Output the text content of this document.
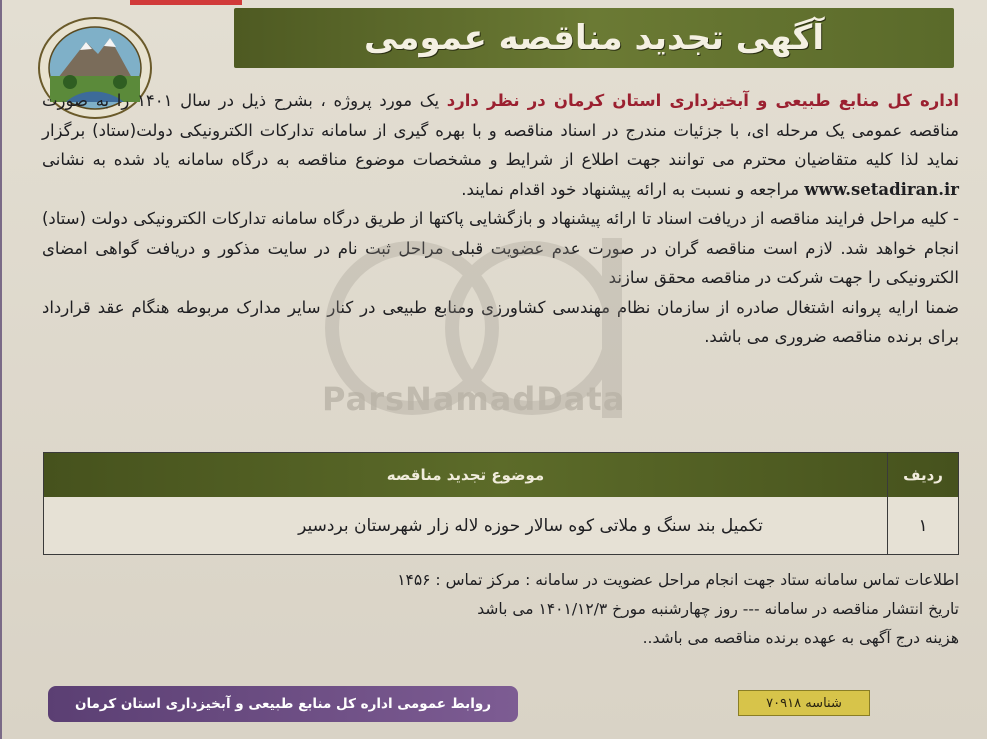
آگهی تجدید مناقصه عمومی
اداره کل منابع طبیعی و آبخیزداری استان کرمان در نظر دارد یک مورد پروژه ، بشرح ذیل در سال ۱۴۰۱ را به صورت مناقصه عمومی یک مرحله ای، با جزئیات مندرج در اسناد مناقصه و با بهره گیری از سامانه تدارکات الکترونیکی دولت(ستاد) برگزار نماید لذا کلیه متقاضیان محترم می توانند جهت اطلاع از شرایط و مشخصات موضوع مناقصه به درگاه سامانه یاد شده به نشانی www.setadiran.ir مراجعه و نسبت به ارائه پیشنهاد خود اقدام نمایند.
- کلیه مراحل فرایند مناقصه از دریافت اسناد تا ارائه پیشنهاد و بازگشایی پاکتها از طریق درگاه سامانه تدارکات الکترونیکی دولت (ستاد) انجام خواهد شد. لازم است مناقصه گران در صورت عدم عضویت قبلی مراحل ثبت نام در سایت مذکور و دریافت گواهی امضای الکترونیکی را جهت شرکت در مناقصه محقق سازند
ضمنا ارایه پروانه اشتغال صادره از سازمان نظام مهندسی کشاورزی ومنابع طبیعی در کنار سایر مدارک مربوطه هنگام عقد قرارداد برای برنده مناقصه ضروری می باشد.
ParsNamadData
ردیف
موضوع تجدید مناقصه
۱
تکمیل بند سنگ و ملاتی کوه سالار حوزه لاله زار شهرستان بردسیر
اطلاعات تماس سامانه ستاد جهت انجام مراحل عضویت در سامانه : مرکز تماس : ۱۴۵۶
تاریخ انتشار مناقصه در سامانه --- روز چهارشنبه مورخ ۱۴۰۱/۱۲/۳ می باشد
هزینه درج آگهی به عهده برنده مناقصه می باشد..
روابط عمومی اداره کل منابع طبیعی و آبخیزداری استان کرمان	شناسه ۷۰۹۱۸
